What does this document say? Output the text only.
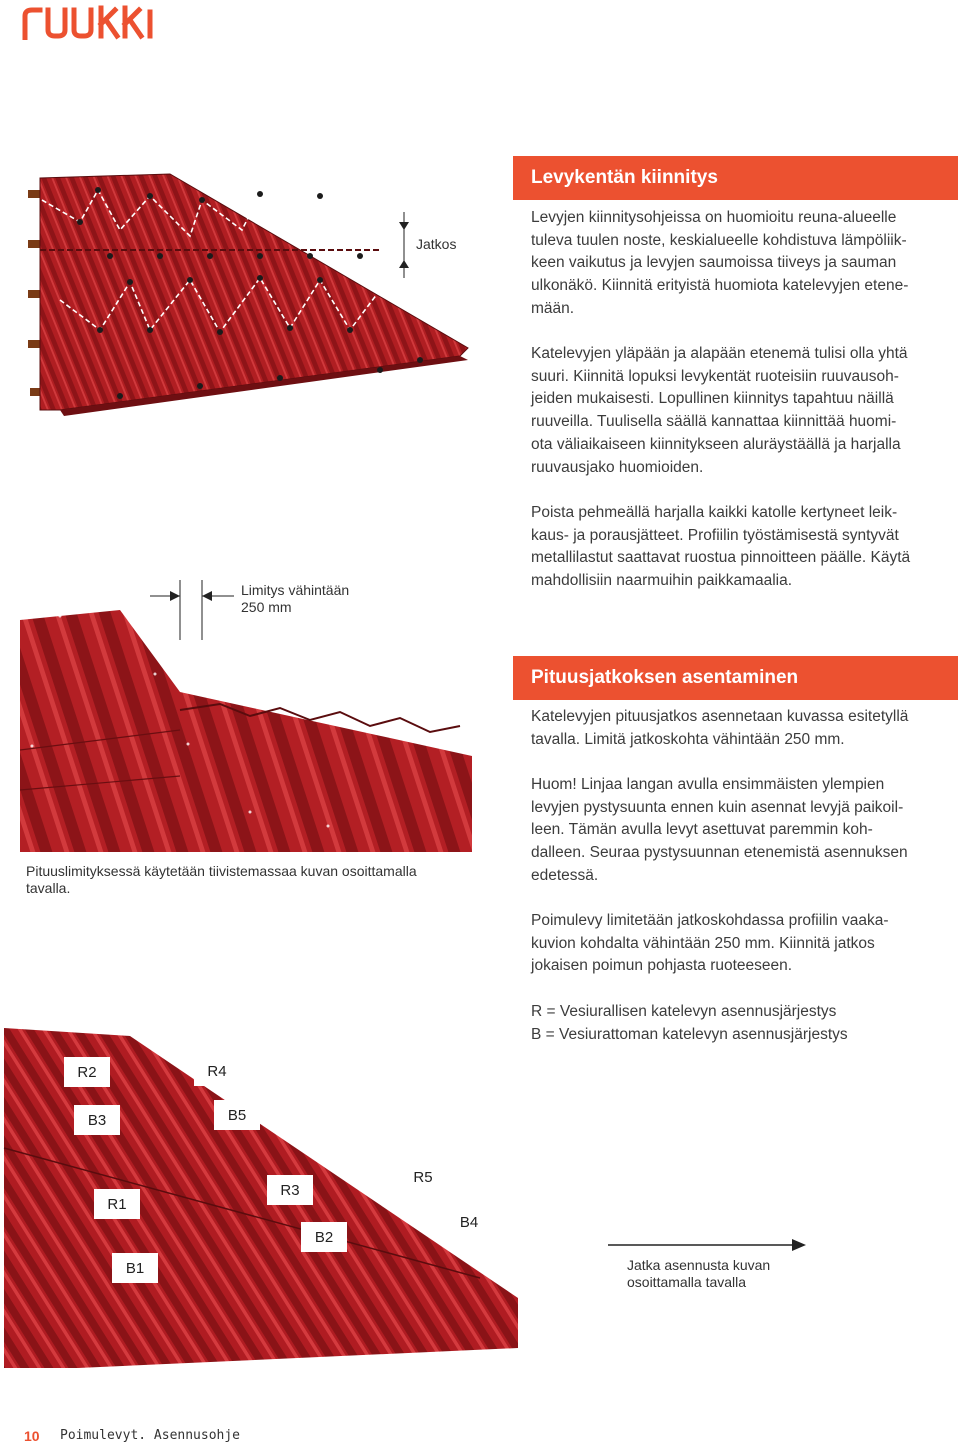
Jatkos
Levykentän kiinnitys

Levyjen kiinnitysohjeissa on huomioitu reuna-alueelle
tuleva tuulen noste, keskialueelle kohdistuva lämpöliik-
keen vaikutus ja levyjen saumoissa tiiveys ja sauman
ulkonäkö. Kiinnitä erityistä huomiota katelevyjen etene-
mään.

Katelevyjen yläpään ja alapään etenemä tulisi olla yhtä
suuri. Kiinnitä lopuksi levykentät ruoteisiin ruuvausoh-
jeiden mukaisesti. Lopullinen kiinnitys tapahtuu näillä
ruuveilla. Tuulisella säällä kannattaa kiinnittää huomi-
ota väliaikaiseen kiinnitykseen aluräystäällä ja harjalla
ruuvausjako huomioiden.

Poista pehmeällä harjalla kaikki katolle kertyneet leik-
kaus- ja porausjätteet. Profiilin työstämisestä syntyvät
metallilastut saattavat ruostua pinnoitteen päälle. Käytä
mahdollisiin naarmuihin paikkamaalia.

Limitys vähintään
250 mm
Pituuslimityksessä käytetään tiivistemassaa kuvan osoittamalla
tavalla.
Pituusjatkoksen asentaminen

Katelevyjen pituusjatkos asennetaan kuvassa esitetyllä
tavalla. Limitä jatkoskohta vähintään 250 mm.

Huom! Linjaa langan avulla ensimmäisten ylempien
levyjen pystysuunta ennen kuin asennat levyjä paikoil-
leen. Tämän avulla levyt asettuvat paremmin koh-
dalleen. Seuraa pystysuunnan etenemistä asennuksen
edetessä.

Poimulevy limitetään jatkoskohdassa profiilin vaaka-
kuvion kohdalta vähintään 250 mm. Kiinnitä jatkos
jokaisen poimun pohjasta ruoteeseen.

R = Vesiurallisen katelevyn asennusjärjestys
B = Vesiurattoman katelevyn asennusjärjestys

R2	R4
B3	B5
R1
R3
R5
B4
B2
B1	Jatka asennusta kuvan
osoittamalla tavalla
10 Poimulevyt. Asennusohje
